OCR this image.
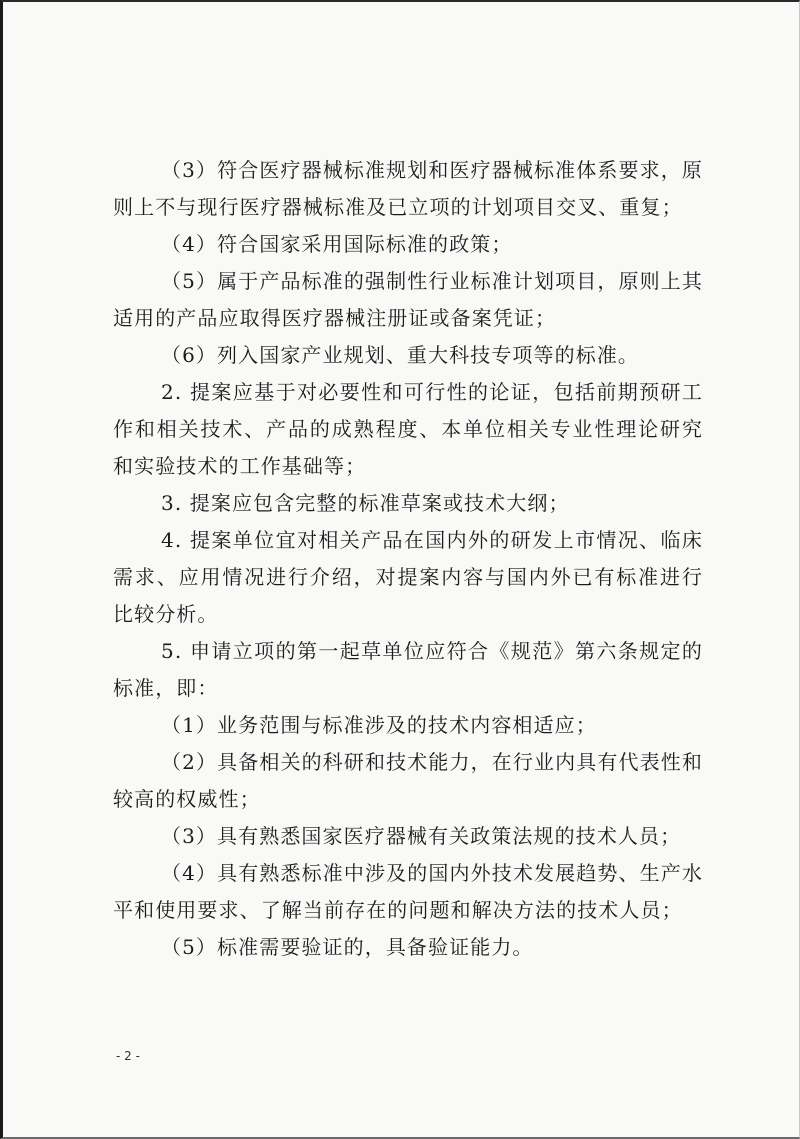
（3）符合医疗器械标准规划和医疗器械标准体系要求，原则上不与现行医疗器械标准及已立项的计划项目交叉、重复；

（4）符合国家采用国际标准的政策；

（5）属于产品标准的强制性行业标准计划项目，原则上其适用的产品应取得医疗器械注册证或备案凭证；

（6）列入国家产业规划、重大科技专项等的标准。

2. 提案应基于对必要性和可行性的论证，包括前期预研工作和相关技术、产品的成熟程度、本单位相关专业性理论研究和实验技术的工作基础等；

3. 提案应包含完整的标准草案或技术大纲；

4. 提案单位宜对相关产品在国内外的研发上市情况、临床需求、应用情况进行介绍，对提案内容与国内外已有标准进行比较分析。

5. 申请立项的第一起草单位应符合《规范》第六条规定的标准，即：

（1）业务范围与标准涉及的技术内容相适应；

（2）具备相关的科研和技术能力，在行业内具有代表性和较高的权威性；

（3）具有熟悉国家医疗器械有关政策法规的技术人员；

（4）具有熟悉标准中涉及的国内外技术发展趋势、生产水平和使用要求、了解当前存在的问题和解决方法的技术人员；

（5）标准需要验证的，具备验证能力。

- 2 -
